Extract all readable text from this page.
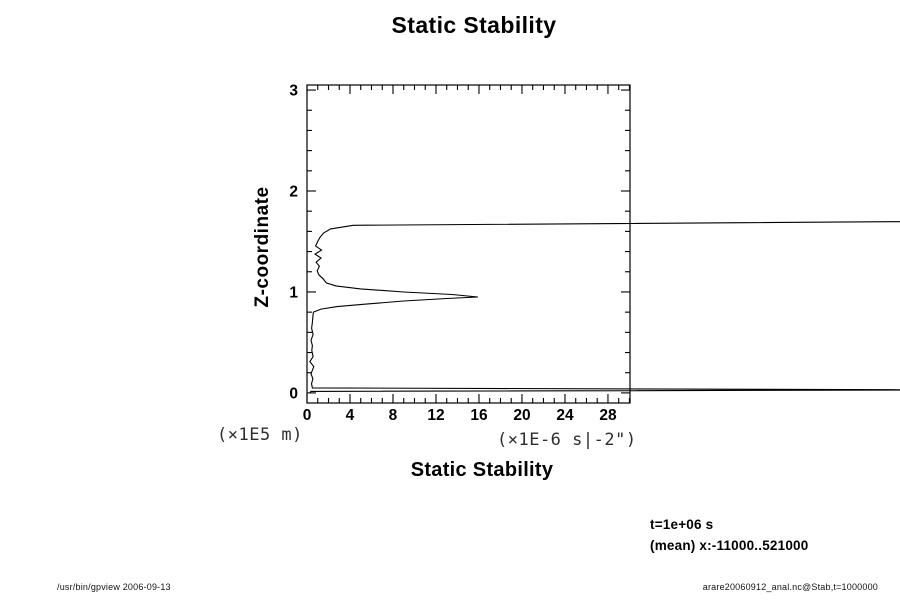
Static Stability
0 4 8 12 16 20 24 28
0
1
2
3
Z-coordinate
(×1E5 m)	(×1E-6 s|-2")
Static Stability
t=1e+06 s
(mean) x:-11000..521000
/usr/bin/gpview 2006-09-13	arare20060912_anal.nc@Stab,t=1000000
